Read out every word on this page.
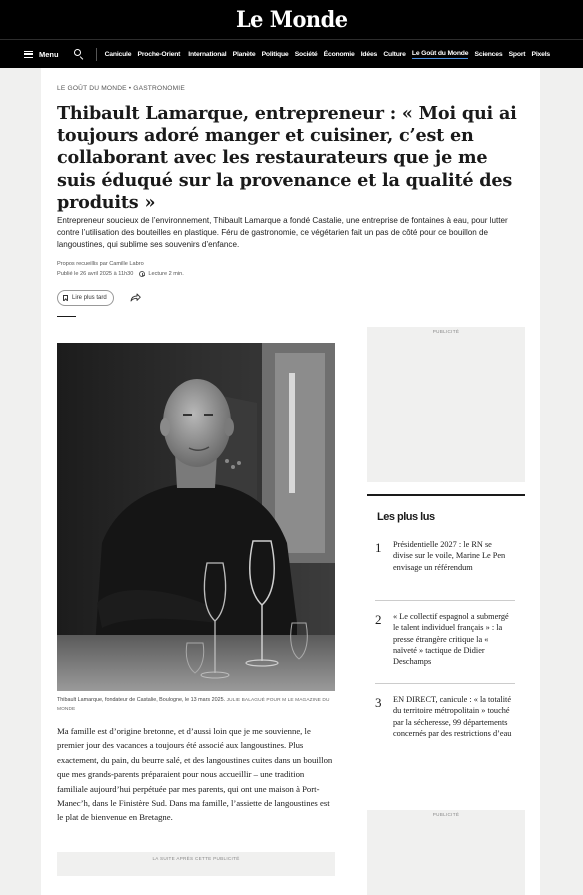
Le Monde
Menu	Canicule Proche-Orient International Planète Politique Société Économie Idées Culture Le Goût du Monde Sciences Sport Pixels
LE GOÛT DU MONDE • GASTRONOMIE
Thibault Lamarque, entrepreneur : « Moi qui ai toujours adoré manger et cuisiner, c’est en collaborant avec les restaurateurs que je me suis éduqué sur la provenance et la qualité des produits »

Entrepreneur soucieux de l’environnement, Thibault Lamarque a fondé Castalie, une entreprise de fontaines à eau, pour lutter contre l’utilisation des bouteilles en plastique. Féru de gastronomie, ce végétarien fait un pas de côté pour ce bouillon de langoustines, qui sublime ses souvenirs d’enfance.

Propos recueillis par Camille Labro
Publié le 26 avril 2025 à 11h30	Lecture 2 min.
Lire plus tard
Thibault Lamarque, fondateur de Castalie, Boulogne, le 13 mars 2025. JULIE BALAGUÉ POUR M LE MAGAZINE DU MONDE

Ma famille est d’origine bretonne, et d’aussi loin que je me souvienne, le premier jour des vacances a toujours été associé aux langoustines. Plus exactement, du pain, du beurre salé, et des langoustines cuites dans un bouillon que mes grands-parents préparaient pour nous accueillir – une tradition familiale aujourd’hui perpétuée par mes parents, qui ont une maison à Port-Manec’h, dans le Finistère Sud. Dans ma famille, l’assiette de langoustines est le plat de bienvenue en Bretagne.

LA SUITE APRÈS CETTE PUBLICITÉ
PUBLICITÉ
Les plus lus
1 Présidentielle 2027 : le RN se divise sur le voile, Marine Le Pen envisage un référendum
2 « Le collectif espagnol a submergé le talent individuel français » : la presse étrangère critique la « naïveté » tactique de Didier Deschamps
3 EN DIRECT, canicule : « la totalité du territoire métropolitain » touché par la sécheresse, 99 départements concernés par des restrictions d’eau
PUBLICITÉ
